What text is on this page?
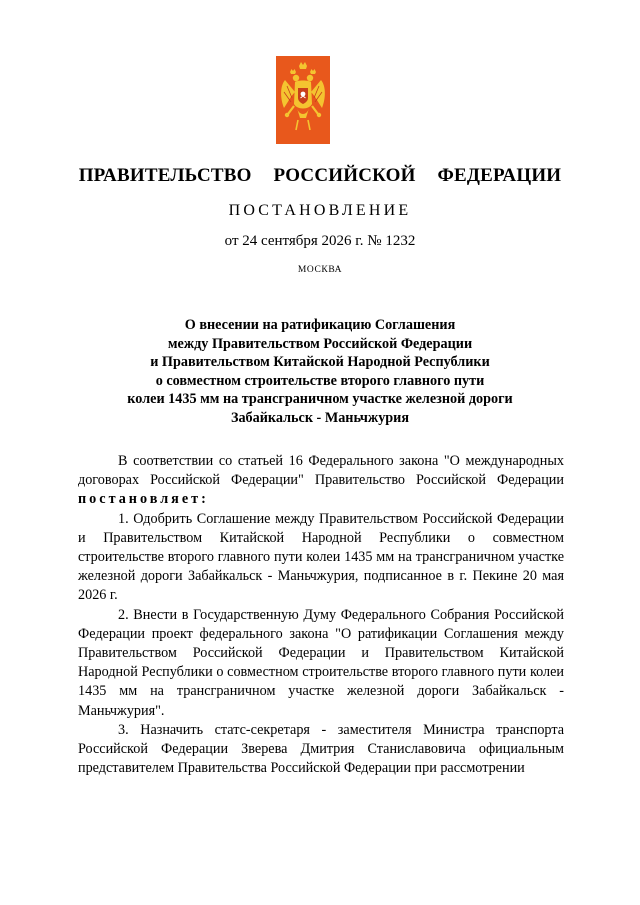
ПРАВИТЕЛЬСТВО  РОССИЙСКОЙ  ФЕДЕРАЦИИ
ПОСТАНОВЛЕНИЕ
от 24 сентября 2026 г. № 1232
МОСКВА
О внесении на ратификацию Соглашения
между Правительством Российской Федерации
и Правительством Китайской Народной Республики
о совместном строительстве второго главного пути
колеи 1435 мм на трансграничном участке железной дороги
Забайкальск - Маньчжурия
В соответствии со статьей 16 Федерального закона "О международных договорах Российской Федерации" Правительство Российской Федерации постановляет:
1. Одобрить Соглашение между Правительством Российской Федерации и Правительством Китайской Народной Республики о совместном строительстве второго главного пути колеи 1435 мм на трансграничном участке железной дороги Забайкальск - Маньчжурия, подписанное в г. Пекине 20 мая 2026 г.
2. Внести в Государственную Думу Федерального Собрания Российской Федерации проект федерального закона "О ратификации Соглашения между Правительством Российской Федерации и Правительством Китайской Народной Республики о совместном строительстве второго главного пути колеи 1435 мм на трансграничном участке железной дороги Забайкальск - Маньчжурия".
3. Назначить статс-секретаря - заместителя Министра транспорта Российской Федерации Зверева Дмитрия Станиславовича официальным представителем Правительства Российской Федерации при рассмотрении
